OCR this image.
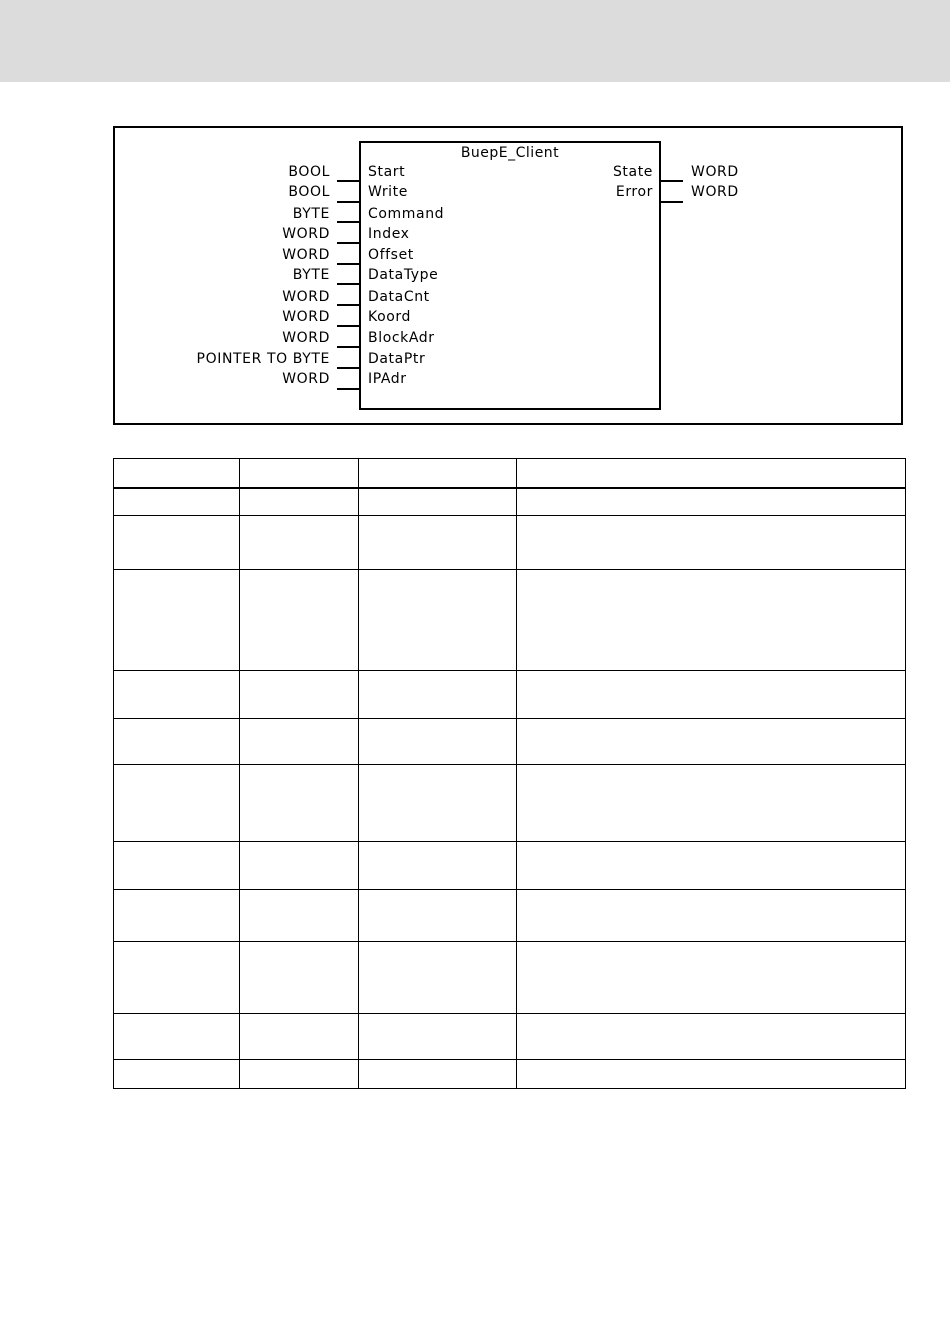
BuepE_Client
BOOL	Start
BOOL	Write
BYTE	Command
WORD	Index
WORD	Offset
BYTE	DataType
WORD	DataCnt
WORD	Koord
WORD	BlockAdr
POINTER TO BYTE	DataPtr
WORD	IPAdr
State	WORD
Error	WORD
